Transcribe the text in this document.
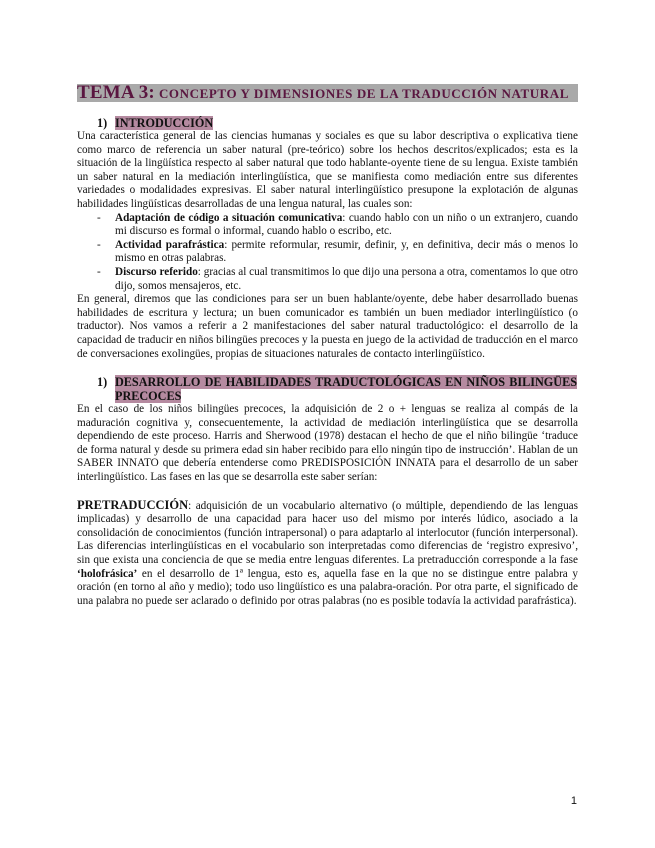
TEMA 3: CONCEPTO Y DIMENSIONES DE LA TRADUCCIÓN NATURAL
1) INTRODUCCIÓN

Una característica general de las ciencias humanas y sociales es que su labor descriptiva o explicativa tiene como marco de referencia un saber natural (pre-teórico) sobre los hechos descritos/explicados; esta es la situación de la lingüística respecto al saber natural que todo hablante-oyente tiene de su lengua. Existe también un saber natural en la mediación interlingüística, que se manifiesta como mediación entre sus diferentes variedades o modalidades expresivas. El saber natural interlingüístico presupone la explotación de algunas habilidades lingüísticas desarrolladas de una lengua natural, las cuales son:

-	Adaptación de código a situación comunicativa: cuando hablo con un niño o un extranjero, cuando mi discurso es formal o informal, cuando hablo o escribo, etc.
-	Actividad parafrástica: permite reformular, resumir, definir, y, en definitiva, decir más o menos lo mismo en otras palabras.
-	Discurso referido: gracias al cual transmitimos lo que dijo una persona a otra, comentamos lo que otro dijo, somos mensajeros, etc.

En general, diremos que las condiciones para ser un buen hablante/oyente, debe haber desarrollado buenas habilidades de escritura y lectura; un buen comunicador es también un buen mediador interlingüístico (o traductor). Nos vamos a referir a 2 manifestaciones del saber natural traductológico: el desarrollo de la capacidad de traducir en niños bilingües precoces y la puesta en juego de la actividad de traducción en el marco de conversaciones exolingües, propias de situaciones naturales de contacto interlingüístico.

1) DESARROLLO DE HABILIDADES TRADUCTOLÓGICAS EN NIÑOS BILINGÜES PRECOCES

En el caso de los niños bilingües precoces, la adquisición de 2 o + lenguas se realiza al compás de la maduración cognitiva y, consecuentemente, la actividad de mediación interlingüística que se desarrolla dependiendo de este proceso. Harris and Sherwood (1978) destacan el hecho de que el niño bilingüe ‘traduce de forma natural y desde su primera edad sin haber recibido para ello ningún tipo de instrucción’. Hablan de un SABER INNATO que debería entenderse como PREDISPOSICIÓN INNATA para el desarrollo de un saber interlingüístico. Las fases en las que se desarrolla este saber serían:

PRETRADUCCIÓN: adquisición de un vocabulario alternativo (o múltiple, dependiendo de las lenguas implicadas) y desarrollo de una capacidad para hacer uso del mismo por interés lúdico, asociado a la consolidación de conocimientos (función intrapersonal) o para adaptarlo al interlocutor (función interpersonal). Las diferencias interlingüísticas en el vocabulario son interpretadas como diferencias de ‘registro expresivo’, sin que exista una conciencia de que se media entre lenguas diferentes. La pretraducción corresponde a la fase ‘holofrásica’ en el desarrollo de 1ª lengua, esto es, aquella fase en la que no se distingue entre palabra y oración (en torno al año y medio); todo uso lingüístico es una palabra-oración. Por otra parte, el significado de una palabra no puede ser aclarado o definido por otras palabras (no es posible todavía la actividad parafrástica).

1
